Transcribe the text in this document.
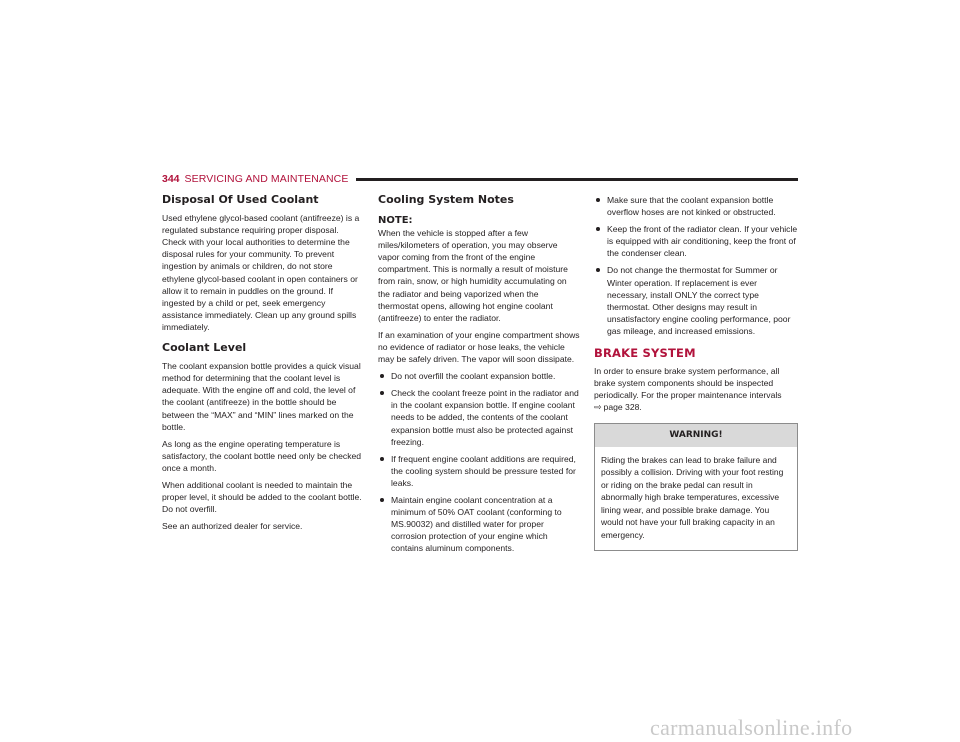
344 SERVICING AND MAINTENANCE
Disposal Of Used Coolant

Used ethylene glycol-based coolant (antifreeze) is a regulated substance requiring proper disposal. Check with your local authorities to determine the disposal rules for your community. To prevent ingestion by animals or children, do not store ethylene glycol-based coolant in open containers or allow it to remain in puddles on the ground. If ingested by a child or pet, seek emergency assistance immediately. Clean up any ground spills immediately.

Coolant Level

The coolant expansion bottle provides a quick visual method for determining that the coolant level is adequate. With the engine off and cold, the level of the coolant (antifreeze) in the bottle should be between the “MAX” and “MIN” lines marked on the bottle.

As long as the engine operating temperature is satisfactory, the coolant bottle need only be checked once a month.

When additional coolant is needed to maintain the proper level, it should be added to the coolant bottle. Do not overfill.

See an authorized dealer for service.

Cooling System Notes
NOTE:

When the vehicle is stopped after a few miles/kilometers of operation, you may observe vapor coming from the front of the engine compartment. This is normally a result of moisture from rain, snow, or high humidity accumulating on the radiator and being vaporized when the thermostat opens, allowing hot engine coolant (antifreeze) to enter the radiator.

If an examination of your engine compartment shows no evidence of radiator or hose leaks, the vehicle may be safely driven. The vapor will soon dissipate.

Do not overfill the coolant expansion bottle.
Check the coolant freeze point in the radiator and in the coolant expansion bottle. If engine coolant needs to be added, the contents of the coolant expansion bottle must also be protected against freezing.
If frequent engine coolant additions are required, the cooling system should be pressure tested for leaks.
Maintain engine coolant concentration at a minimum of 50% OAT coolant (conforming to MS.90032) and distilled water for proper corrosion protection of your engine which contains aluminum components.
Make sure that the coolant expansion bottle overflow hoses are not kinked or obstructed.
Keep the front of the radiator clean. If your vehicle is equipped with air conditioning, keep the front of the condenser clean.
Do not change the thermostat for Summer or Winter operation. If replacement is ever necessary, install ONLY the correct type thermostat. Other designs may result in unsatisfactory engine cooling performance, poor gas mileage, and increased emissions.
BRAKE SYSTEM

In order to ensure brake system performance, all brake system components should be inspected periodically. For the proper maintenance intervals
⇨ page 328.

WARNING!
Riding the brakes can lead to brake failure and possibly a collision. Driving with your foot resting or riding on the brake pedal can result in abnormally high brake temperatures, excessive lining wear, and possible brake damage. You would not have your full braking capacity in an emergency.
carmanualsonline.info
